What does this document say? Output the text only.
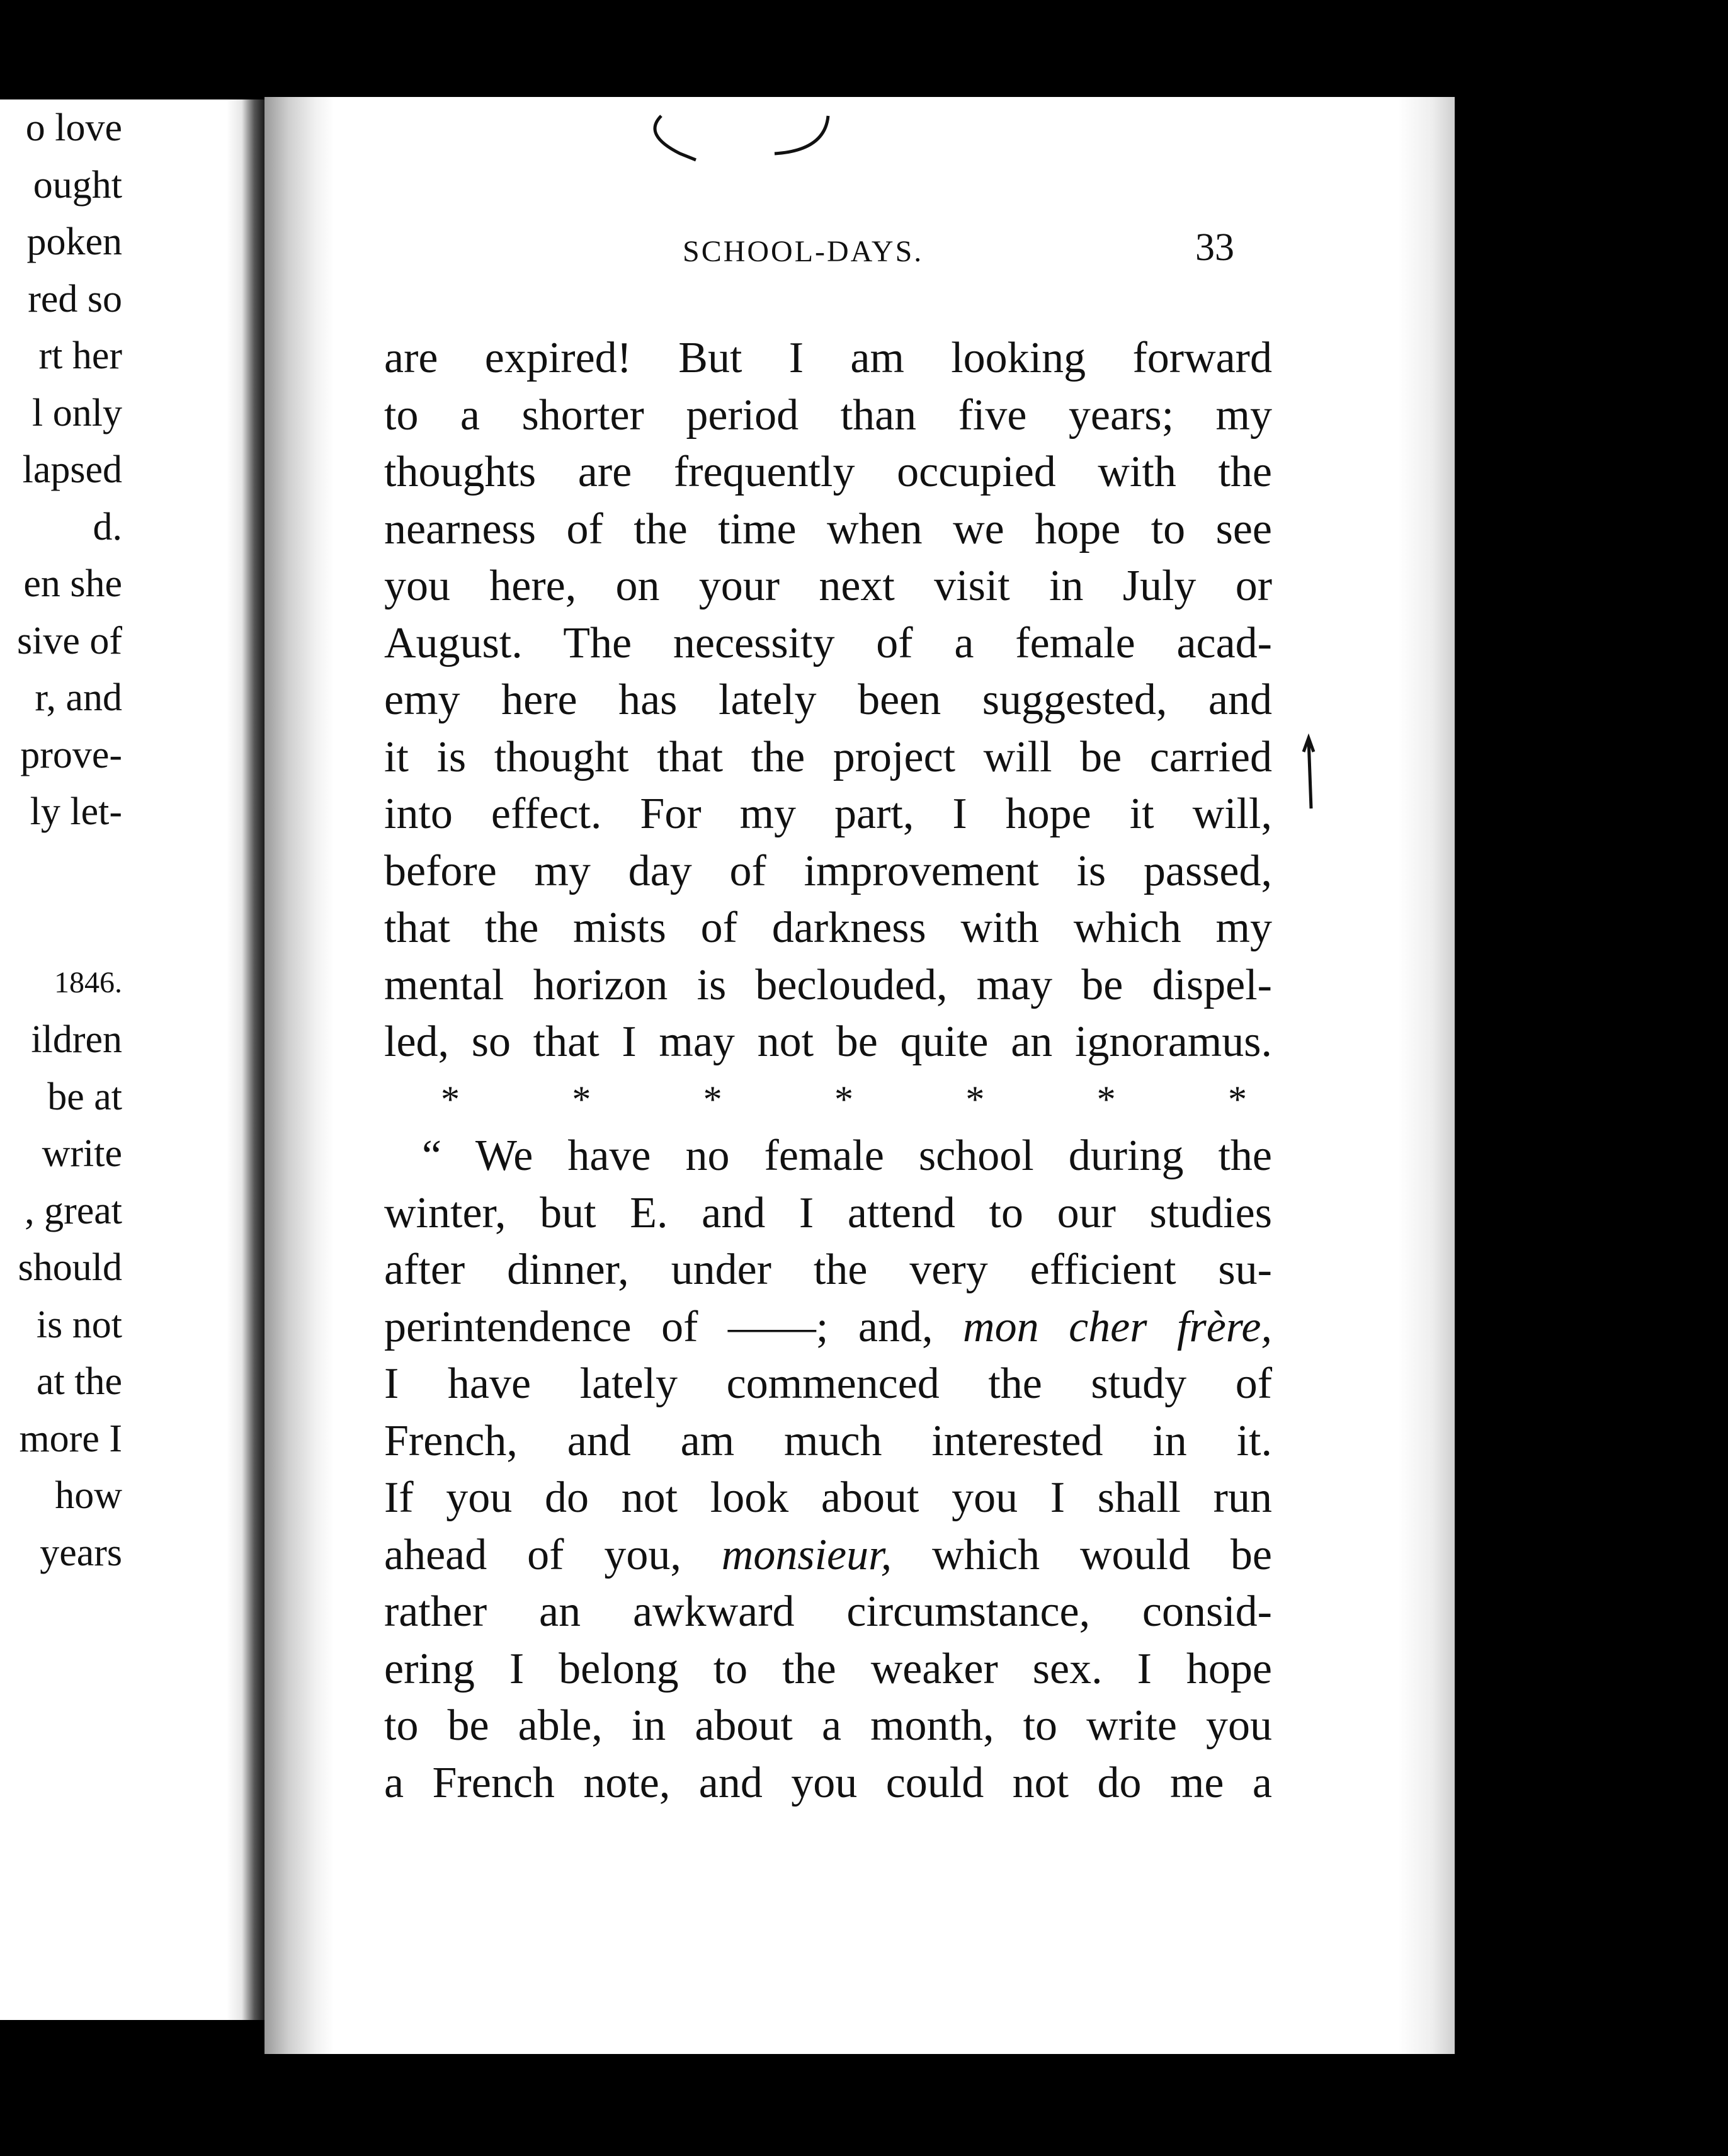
o love
ought
poken
red so
rt her
l only
lapsed
d.
en she
sive of
r, and
prove-
ly let-
1846.
ildren
be at
write
, great
should
is not
at the
more I
how
years
SCHOOL-DAYS.	33
are expired! But I am looking forward
to a shorter period than five years; my
thoughts are frequently occupied with the
nearness of the time when we hope to see
you here, on your next visit in July or
August. The necessity of a female acad-
emy here has lately been suggested, and
it is thought that the project will be carried
into effect. For my part, I hope it will,
before my day of improvement is passed,
that the mists of darkness with which my
mental horizon is beclouded, may be dispel-
led, so that I may not be quite an ignoramus.
*	*	*	*	*	*	*
“ We have no female school during the
winter, but E. and I attend to our studies
after dinner, under the very efficient su-
perintendence of ——; and, mon cher frère,
I have lately commenced the study of
French, and am much interested in it.
If you do not look about you I shall run
ahead of you, monsieur, which would be
rather an awkward circumstance, consid-
ering I belong to the weaker sex. I hope
to be able, in about a month, to write you
a French note, and you could not do me a
